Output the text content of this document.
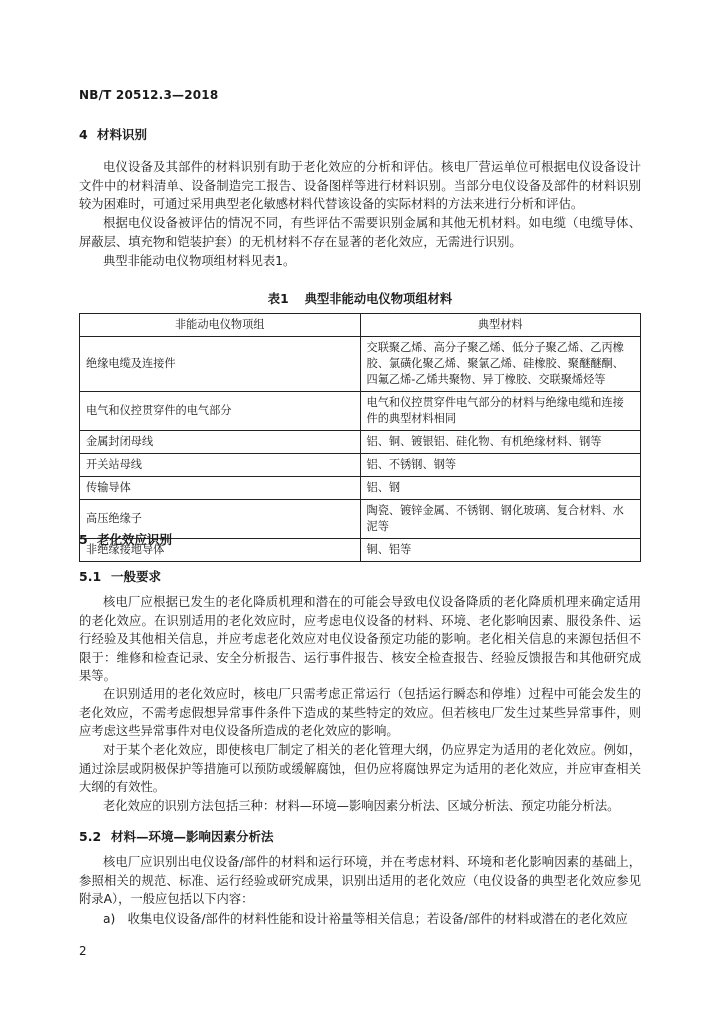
NB/T 20512.3—2018
4 材料识别

电仪设备及其部件的材料识别有助于老化效应的分析和评估。核电厂营运单位可根据电仪设备设计文件中的材料清单、设备制造完工报告、设备图样等进行材料识别。当部分电仪设备及部件的材料识别较为困难时，可通过采用典型老化敏感材料代替该设备的实际材料的方法来进行分析和评估。

根据电仪设备被评估的情况不同，有些评估不需要识别金属和其他无机材料。如电缆（电缆导体、屏蔽层、填充物和铠装护套）的无机材料不存在显著的老化效应，无需进行识别。

典型非能动电仪物项组材料见表1。

表1 典型非能动电仪物项组材料
非能动电仪物项组	典型材料
绝缘电缆及连接件	交联聚乙烯、高分子聚乙烯、低分子聚乙烯、乙丙橡胶、氯磺化聚乙烯、聚氯乙烯、硅橡胶、聚醚醚酮、四氟乙烯-乙烯共聚物、异丁橡胶、交联聚烯烃等
电气和仪控贯穿件的电气部分	电气和仪控贯穿件电气部分的材料与绝缘电缆和连接件的典型材料相同
金属封闭母线	铝、铜、镀银铝、硅化物、有机绝缘材料、钢等
开关站母线	铝、不锈钢、钢等
传输导体	铝、钢
高压绝缘子	陶瓷、镀锌金属、不锈钢、钢化玻璃、复合材料、水泥等
非绝缘接地导体	铜、铝等
5 老化效应识别
5.1 一般要求

核电厂应根据已发生的老化降质机理和潜在的可能会导致电仪设备降质的老化降质机理来确定适用的老化效应。在识别适用的老化效应时，应考虑电仪设备的材料、环境、老化影响因素、服役条件、运行经验及其他相关信息，并应考虑老化效应对电仪设备预定功能的影响。老化相关信息的来源包括但不限于：维修和检查记录、安全分析报告、运行事件报告、核安全检查报告、经验反馈报告和其他研究成果等。

在识别适用的老化效应时，核电厂只需考虑正常运行（包括运行瞬态和停堆）过程中可能会发生的老化效应，不需考虑假想异常事件条件下造成的某些特定的效应。但若核电厂发生过某些异常事件，则应考虑这些异常事件对电仪设备所造成的老化效应的影响。

对于某个老化效应，即使核电厂制定了相关的老化管理大纲，仍应界定为适用的老化效应。例如，通过涂层或阴极保护等措施可以预防或缓解腐蚀，但仍应将腐蚀界定为适用的老化效应，并应审查相关大纲的有效性。

老化效应的识别方法包括三种：材料—环境—影响因素分析法、区域分析法、预定功能分析法。

5.2 材料—环境—影响因素分析法

核电厂应识别出电仪设备/部件的材料和运行环境，并在考虑材料、环境和老化影响因素的基础上，参照相关的规范、标准、运行经验或研究成果，识别出适用的老化效应（电仪设备的典型老化效应参见附录A），一般应包括以下内容：

a)　收集电仪设备/部件的材料性能和设计裕量等相关信息；若设备/部件的材料或潜在的老化效应

2
